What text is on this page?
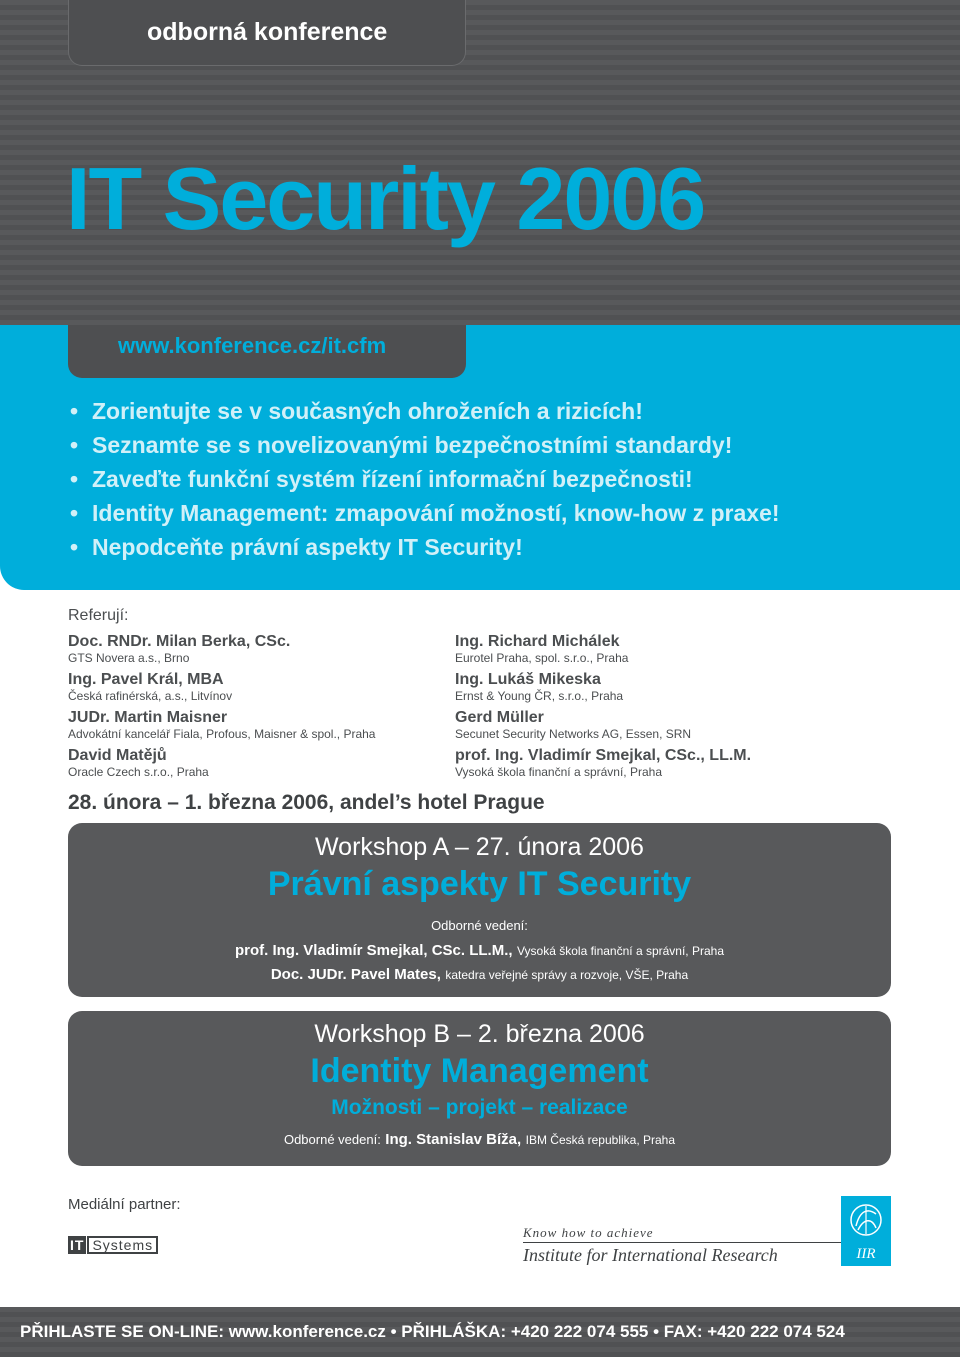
odborná konference
IT Security 2006
www.konference.cz/it.cfm
• Zorientujte se v současných ohroženích a rizicích!
• Seznamte se s novelizovanými bezpečnostními standardy!
• Zaveďte funkční systém řízení informační bezpečnosti!
• Identity Management: zmapování možností, know-how z praxe!
• Nepodceňte právní aspekty IT Security!
Referují:
Doc. RNDr. Milan Berka, CSc.
GTS Novera a.s., Brno
Ing. Pavel Král, MBA
Česká rafinérská, a.s., Litvínov
JUDr. Martin Maisner
Advokátní kancelář Fiala, Profous, Maisner & spol., Praha
David Matějů
Oracle Czech s.r.o., Praha
Ing. Richard Michálek
Eurotel Praha, spol. s.r.o., Praha
Ing. Lukáš Mikeska
Ernst & Young ČR, s.r.o., Praha
Gerd Müller
Secunet Security Networks AG, Essen, SRN
prof. Ing. Vladimír Smejkal, CSc., LL.M.
Vysoká škola finanční a správní, Praha
28. února – 1. března 2006, andel’s hotel Prague
Workshop A – 27. února 2006
Právní aspekty IT Security
Odborné vedení:
prof. Ing. Vladimír Smejkal, CSc. LL.M., Vysoká škola finanční a správní, Praha
Doc. JUDr. Pavel Mates, katedra veřejné správy a rozvoje, VŠE, Praha
Workshop B – 2. března 2006
Identity Management
Možnosti – projekt – realizace
Odborné vedení: Ing. Stanislav Bíža, IBM Česká republika, Praha
Mediální partner:
IT Systems
Know how to achieve
Institute for International Research	IIR
PŘIHLASTE SE ON-LINE: www.konference.cz • PŘIHLÁŠKA: +420 222 074 555 • FAX: +420 222 074 524
